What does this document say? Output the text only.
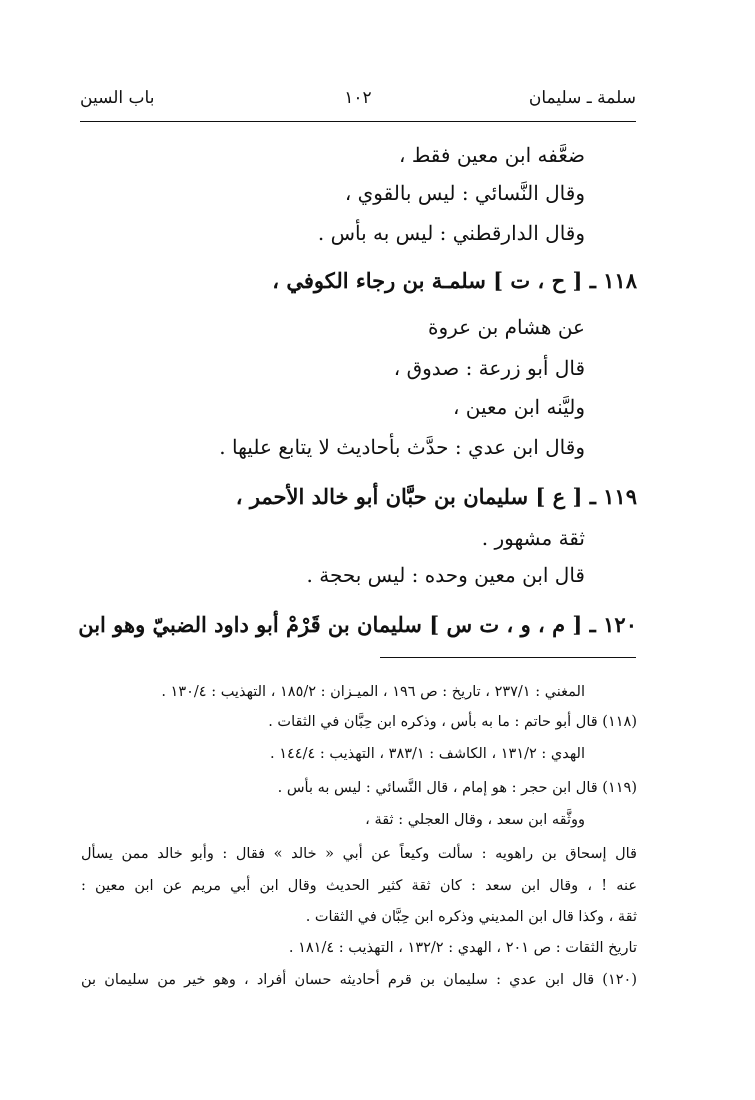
سلمة ـ سليمان
١٠٢
باب السين
ضعَّفه ابن معين فقط ،
وقال النَّسائي : ليس بالقوي ،
وقال الدارقطني : ليس به بأس .
١١٨ ـ [ ح ، ت ] سلمـة بن رجاء الكوفي ،
عن هشام بن عروة
قال أبو زرعة : صدوق ،
وليَّنه ابن معين ،
وقال ابن عدي : حدَّث بأحاديث لا يتابع عليها .
١١٩ ـ [ ع ] سليمان بن حبَّان أبو خالد الأحمر ،
ثقة مشهور .
قال ابن معين وحده : ليس بحجة .
١٢٠ ـ [ م ، و ، ت س ] سليمان بن قَرْمْ أبو داود الضبيّ وهو ابن
المغني : ٢٣٧/١ ، تاريخ : ص ١٩٦ ، الميـزان : ١٨٥/٢ ، التهذيب : ١٣٠/٤ .
(١١٨) قال أبو حاتم : ما به بأس ، وذكره ابن حِبَّان في الثقات .
الهدي : ١٣١/٢ ، الكاشف : ٣٨٣/١ ، التهذيب : ١٤٤/٤ .
(١١٩) قال ابن حجر : هو إمام ، قال النَّسائي : ليس به بأس .
ووثَّقه ابن سعد ، وقال العجلي : ثقة ،
قال إسحاق بن راهويه : سألت وكيعاً عن أبي « خالد » فقال : وأبو خالد ممن يسأل
عنه ! ، وقال ابن سعد : كان ثقة كثير الحديث وقال ابن أبي مريم عن ابن معين :
ثقة ، وكذا قال ابن المديني وذكره ابن حِبَّان في الثقات .
تاريخ الثقات : ص ٢٠١ ، الهدي : ١٣٢/٢ ، التهذيب : ١٨١/٤ .
(١٢٠) قال ابن عدي : سليمان بن قرم أحاديثه حسان أفراد ، وهو خير من سليمان بن
